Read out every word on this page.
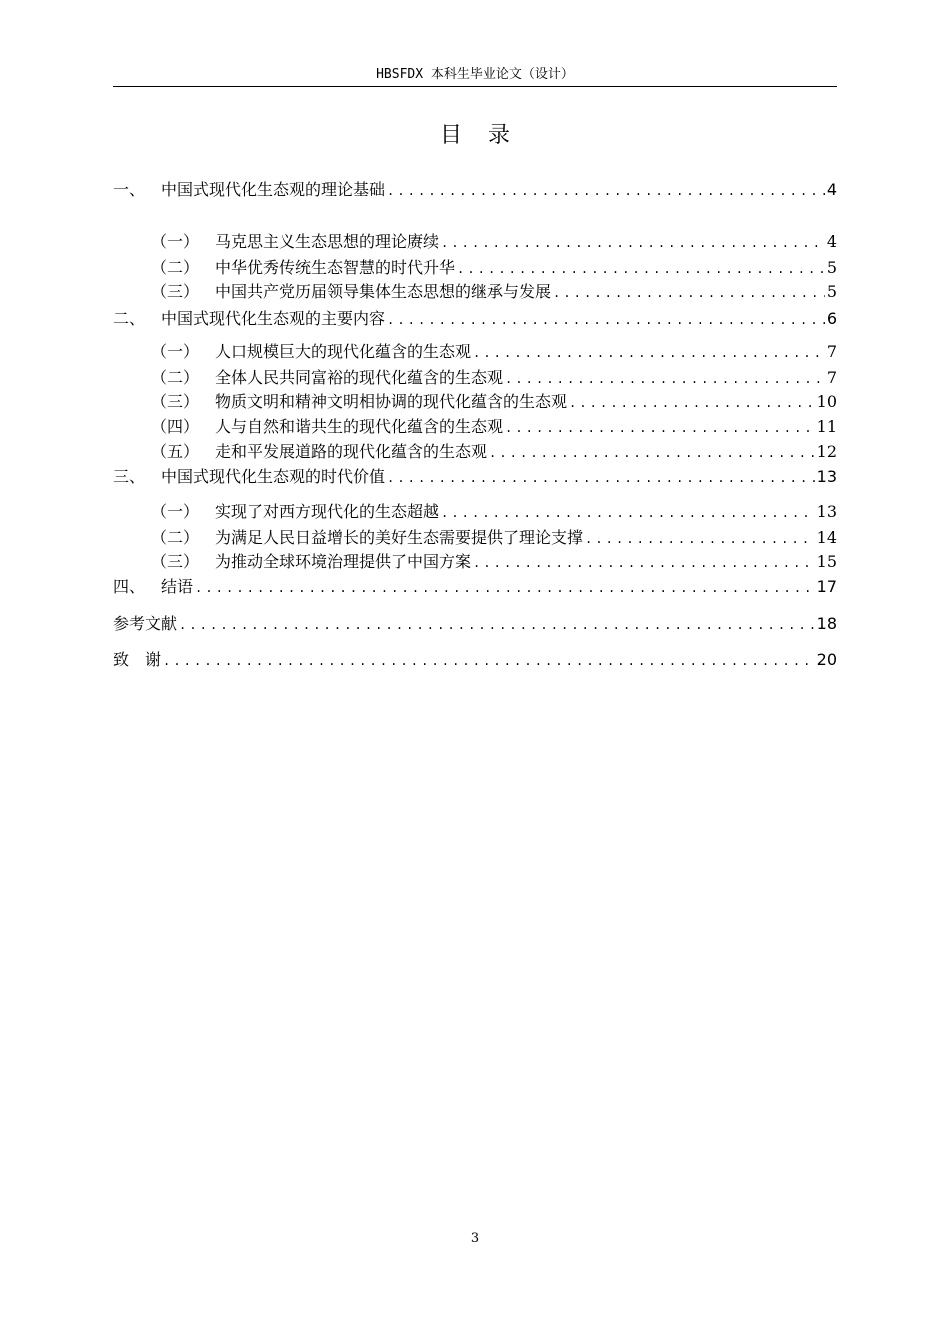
HBSFDX 本科生毕业论文（设计）
目录
一、 中国式现代化生态观的理论基础 .....	4
（一） 马克思主义生态思想的理论赓续 .....	4
（二） 中华优秀传统生态智慧的时代升华 .....	5
（三） 中国共产党历届领导集体生态思想的继承与发展 .....	5
二、 中国式现代化生态观的主要内容 .....	6
（一） 人口规模巨大的现代化蕴含的生态观 .....	7
（二） 全体人民共同富裕的现代化蕴含的生态观 .....	7
（三） 物质文明和精神文明相协调的现代化蕴含的生态观 .....	10
（四） 人与自然和谐共生的现代化蕴含的生态观 .....	11
（五） 走和平发展道路的现代化蕴含的生态观 .....	12
三、 中国式现代化生态观的时代价值 .....	13
（一） 实现了对西方现代化的生态超越 .....	13
（二） 为满足人民日益增长的美好生态需要提供了理论支撑 .....	14
（三） 为推动全球环境治理提供了中国方案 .....	15
四、 结语 .....	17
参考文献 .....	18
致　谢 .....	20
3
